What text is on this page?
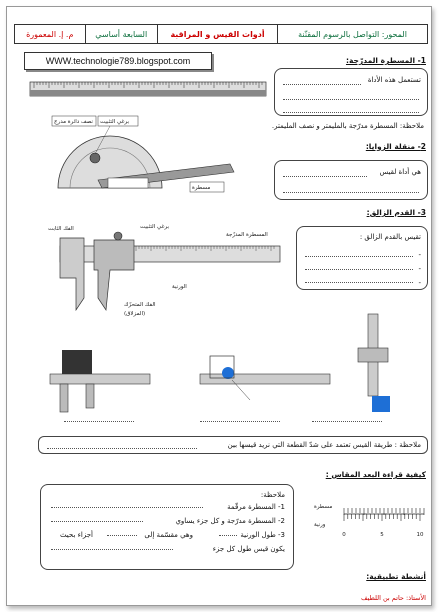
المحور: التواصل بالرسوم المقنّنة
أدوات القيس و المراقبة
السابعة أساسي
م. إ. المعمورة
WWW.technologie789.blogspot.com	1- المسطرة المدرّجة:
تستعمل هذه الأداة
ملاحظة: المسطرة مدرّجة بالمليمتر و نصف المليمتر.
2- منقلة الزوايا:
نصف دائرة مدرج برغي التثبيت
مسطرة
هي أداة لقيس
3- القدم الزالق:
الفك الثابت	برغي التثبيت
المسطرة المدرّجة
الورنية
الفك المتحرّك
(المزلاق)
تقيس بالقدم الزالق :
-
-
-
ملاحظة : طريقة القيس تعتمد على شدّ القطعة التي نريد قيسها بين
كيفية قراءة البعد المقاس :
ملاحظة:
1- المسطرة مرقّمة
2- المسطرة مدرّجة و كل جزء يساوي
3- طول الورنية
وهي مقسّمة إلى
أجزاء بحيث
يكون قيس طول كل جزء
مسطرة
ورنية
0	5	10
أنشطة تطبيقية:
الأستاذ: حاتم بن اللطيف
